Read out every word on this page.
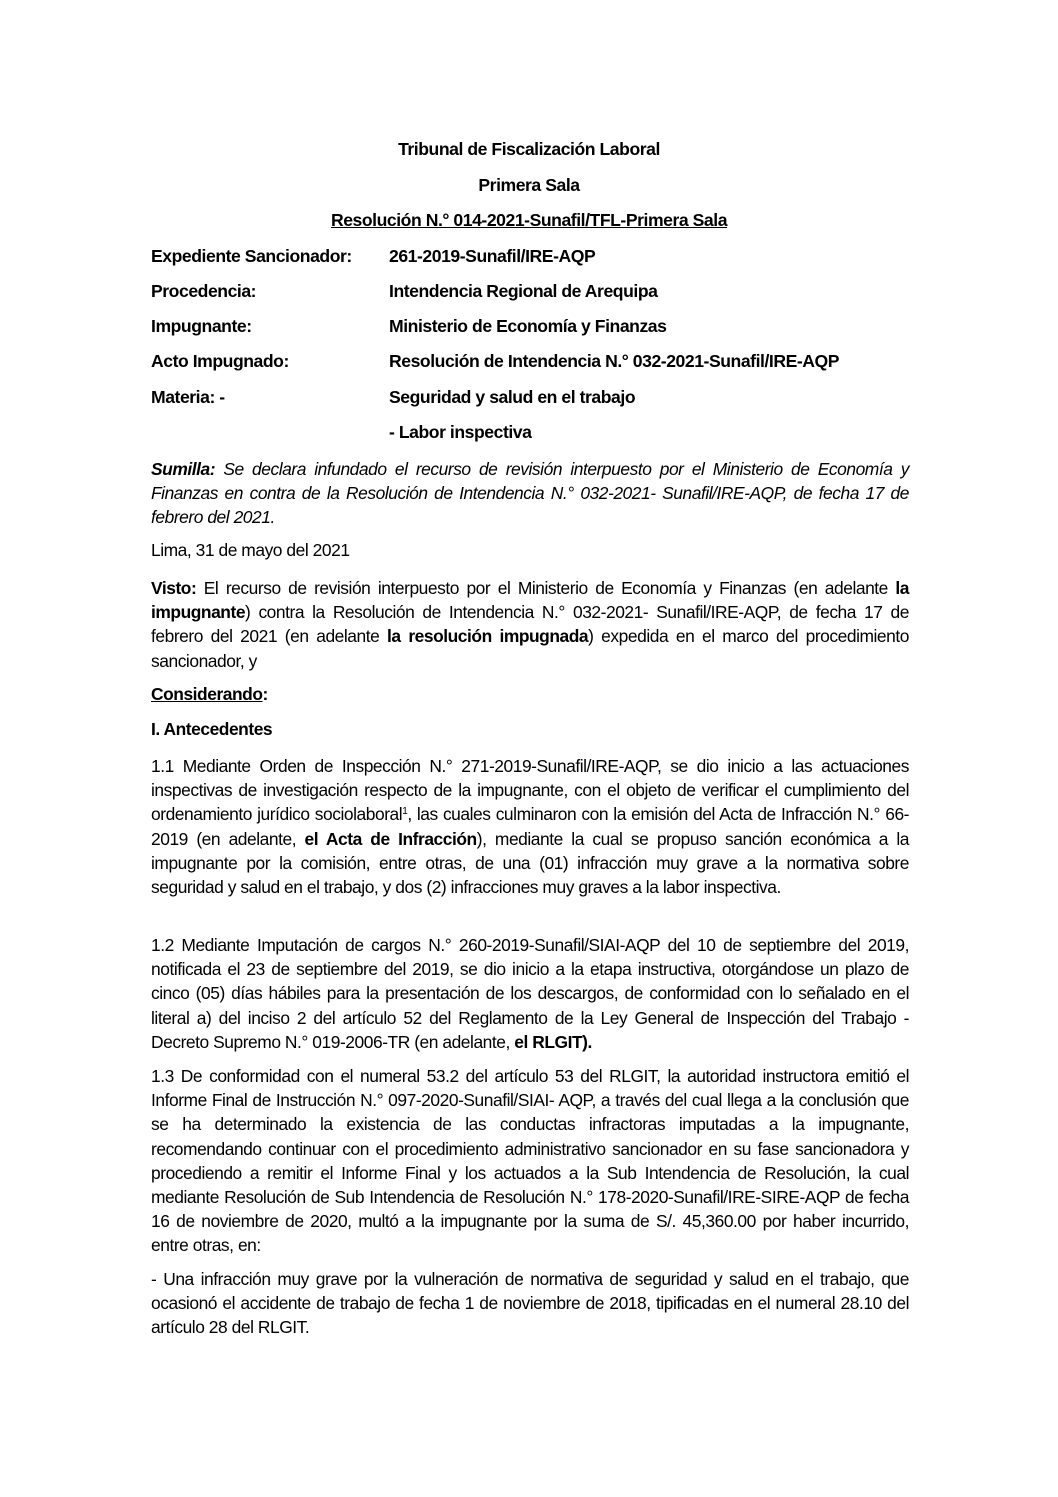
Tribunal de Fiscalización Laboral
Primera Sala
Resolución N.° 014-2021-Sunafil/TFL-Primera Sala
Expediente Sancionador: 261-2019-Sunafil/IRE-AQP
Procedencia:	Intendencia Regional de Arequipa
Impugnante:	Ministerio de Economía y Finanzas
Acto Impugnado:	Resolución de Intendencia N.° 032-2021-Sunafil/IRE-AQP
Materia: -	Seguridad y salud en el trabajo
- Labor inspectiva

Sumilla: Se declara infundado el recurso de revisión interpuesto por el Ministerio de Economía y Finanzas en contra de la Resolución de Intendencia N.° 032-2021- Sunafil/IRE-AQP, de fecha 17 de febrero del 2021.

Lima, 31 de mayo del 2021

Visto: El recurso de revisión interpuesto por el Ministerio de Economía y Finanzas (en adelante la impugnante) contra la Resolución de Intendencia N.° 032-2021- Sunafil/IRE-AQP, de fecha 17 de febrero del 2021 (en adelante la resolución impugnada) expedida en el marco del procedimiento sancionador, y

Considerando:

I. Antecedentes

1.1 Mediante Orden de Inspección N.° 271-2019-Sunafil/IRE-AQP, se dio inicio a las actuaciones inspectivas de investigación respecto de la impugnante, con el objeto de verificar el cumplimiento del ordenamiento jurídico sociolaboral$^1$, las cuales culminaron con la emisión del Acta de Infracción N.° 66-2019 (en adelante, el Acta de Infracción), mediante la cual se propuso sanción económica a la impugnante por la comisión, entre otras, de una (01) infracción muy grave a la normativa sobre seguridad y salud en el trabajo, y dos (2) infracciones muy graves a la labor inspectiva.

1.2 Mediante Imputación de cargos N.° 260-2019-Sunafil/SIAI-AQP del 10 de septiembre del 2019, notificada el 23 de septiembre del 2019, se dio inicio a la etapa instructiva, otorgándose un plazo de cinco (05) días hábiles para la presentación de los descargos, de conformidad con lo señalado en el literal a) del inciso 2 del artículo 52 del Reglamento de la Ley General de Inspección del Trabajo - Decreto Supremo N.° 019-2006-TR (en adelante, el RLGIT).

1.3 De conformidad con el numeral 53.2 del artículo 53 del RLGIT, la autoridad instructora emitió el Informe Final de Instrucción N.° 097-2020-Sunafil/SIAI- AQP, a través del cual llega a la conclusión que se ha determinado la existencia de las conductas infractoras imputadas a la impugnante, recomendando continuar con el procedimiento administrativo sancionador en su fase sancionadora y procediendo a remitir el Informe Final y los actuados a la Sub Intendencia de Resolución, la cual mediante Resolución de Sub Intendencia de Resolución N.° 178-2020-Sunafil/IRE-SIRE-AQP de fecha 16 de noviembre de 2020, multó a la impugnante por la suma de S/. 45,360.00 por haber incurrido, entre otras, en:

- Una infracción muy grave por la vulneración de normativa de seguridad y salud en el trabajo, que ocasionó el accidente de trabajo de fecha 1 de noviembre de 2018, tipificadas en el numeral 28.10 del artículo 28 del RLGIT.
